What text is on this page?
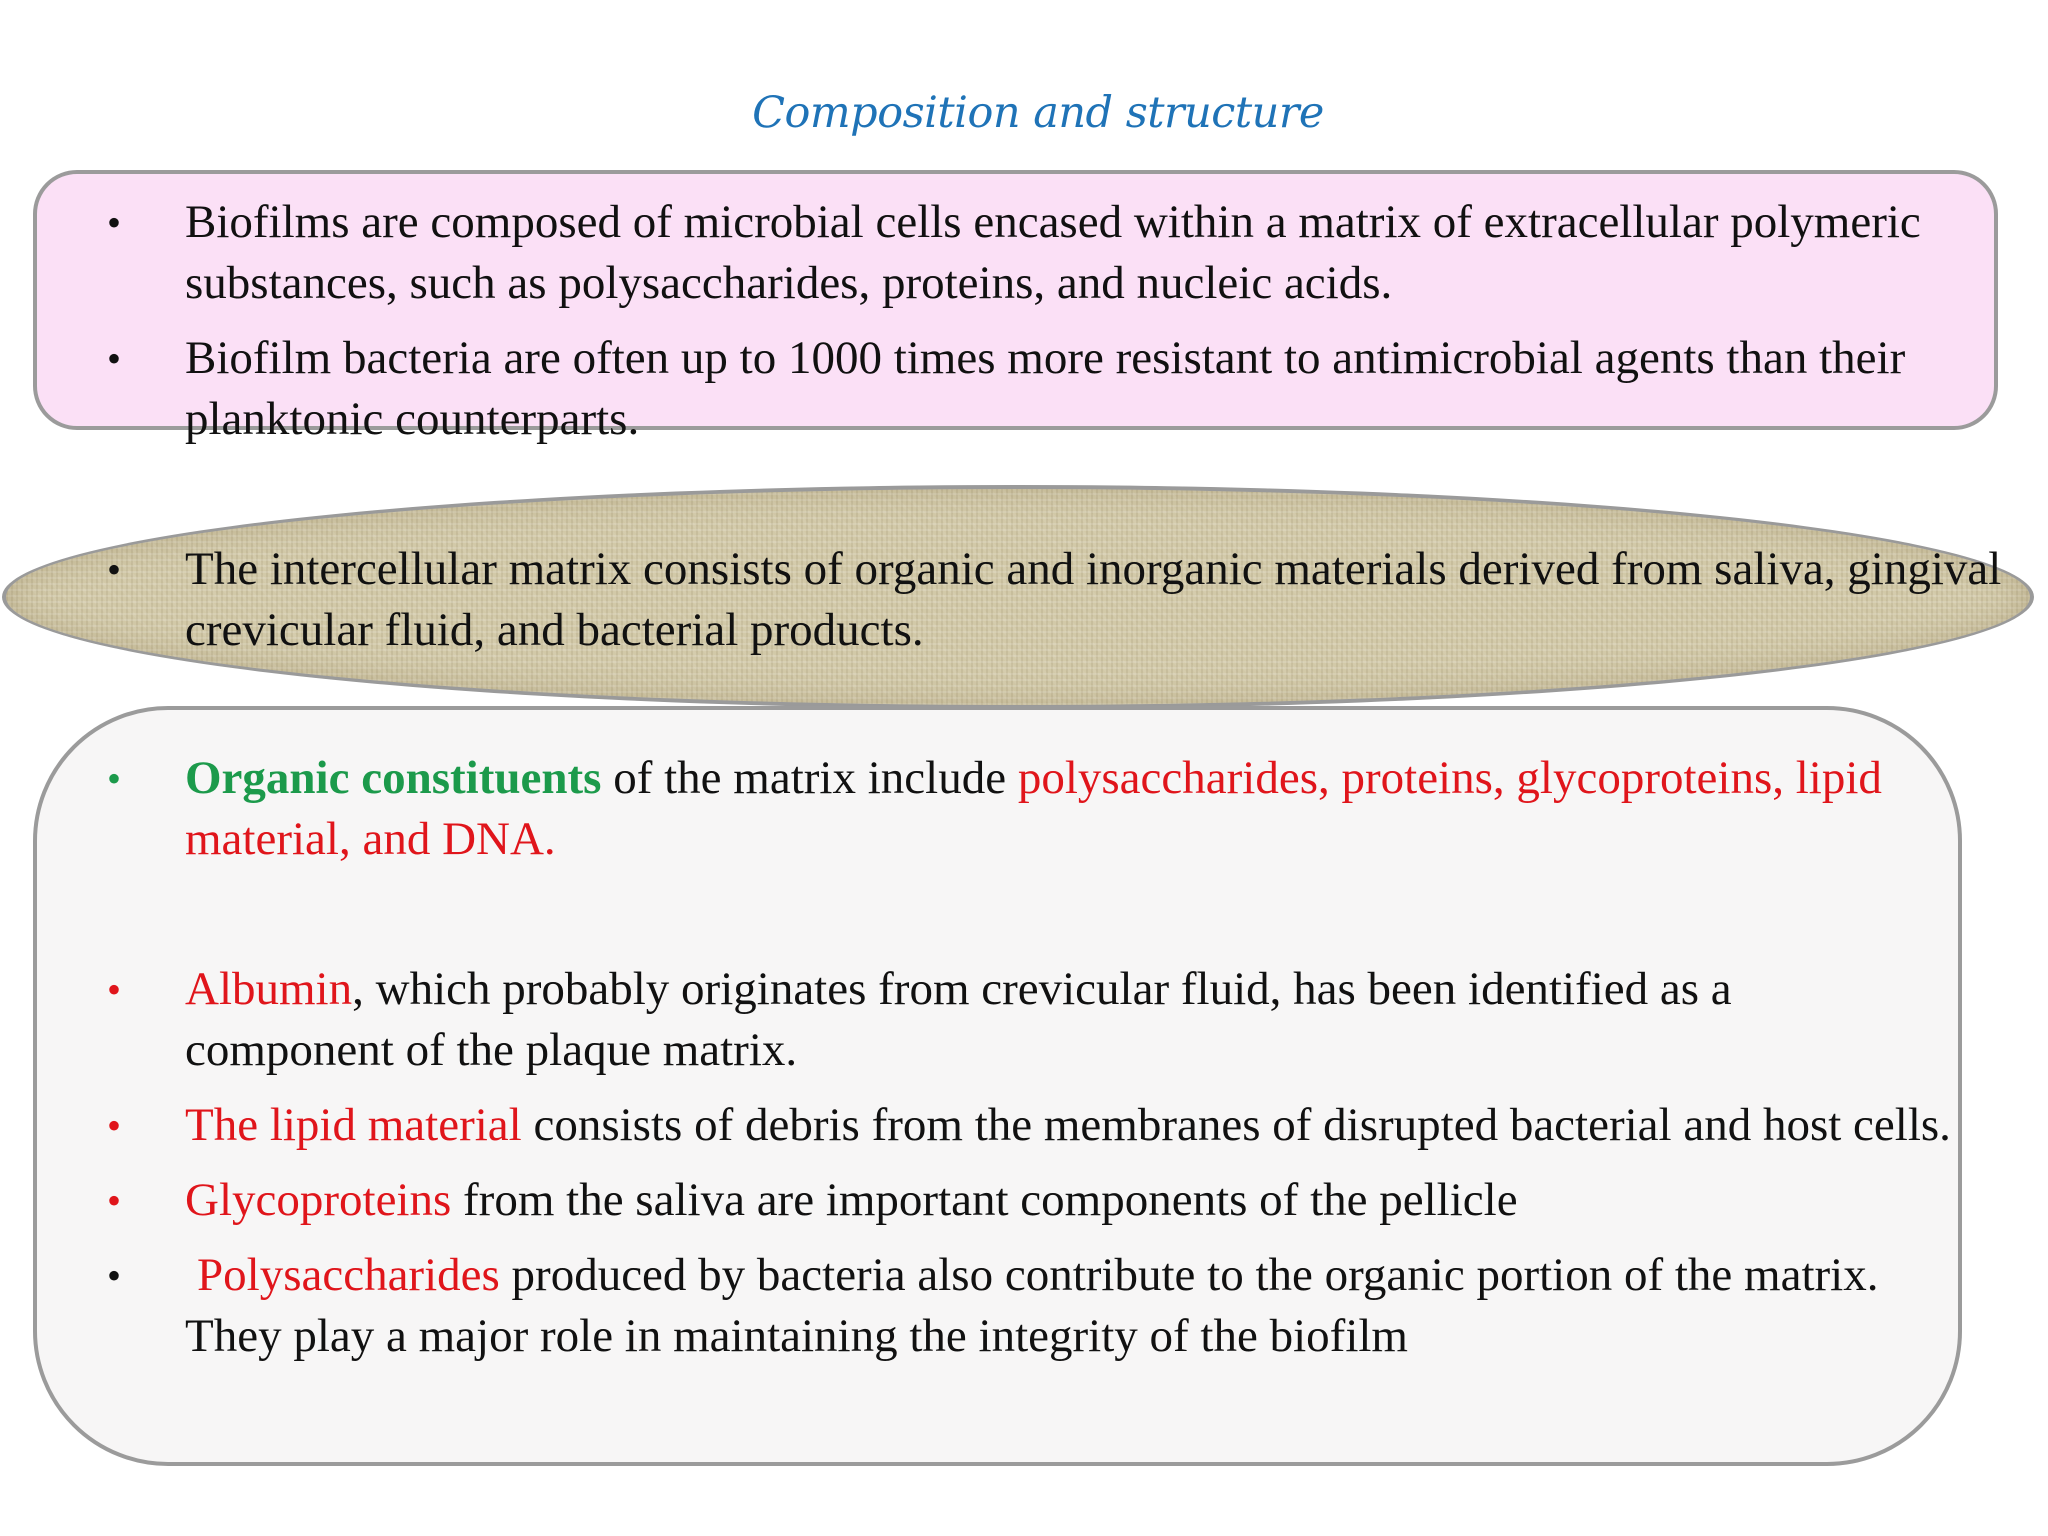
Composition and structure
• Biofilms are composed of microbial cells encased within a matrix of extracellular polymeric substances, such as polysaccharides, proteins, and nucleic acids.
• Biofilm bacteria are often up to 1000 times more resistant to antimicrobial agents than their planktonic counterparts.
• The intercellular matrix consists of organic and inorganic materials derived from saliva, gingival crevicular fluid, and bacterial products.
• Organic constituents of the matrix include polysaccharides, proteins, glycoproteins, lipid material, and DNA.
• Albumin, which probably originates from crevicular fluid, has been identified as a component of the plaque matrix.
• The lipid material consists of debris from the membranes of disrupted bacterial and host cells.
• Glycoproteins from the saliva are important components of the pellicle
• Polysaccharides produced by bacteria also contribute to the organic portion of the matrix. They play a major role in maintaining the integrity of the biofilm
